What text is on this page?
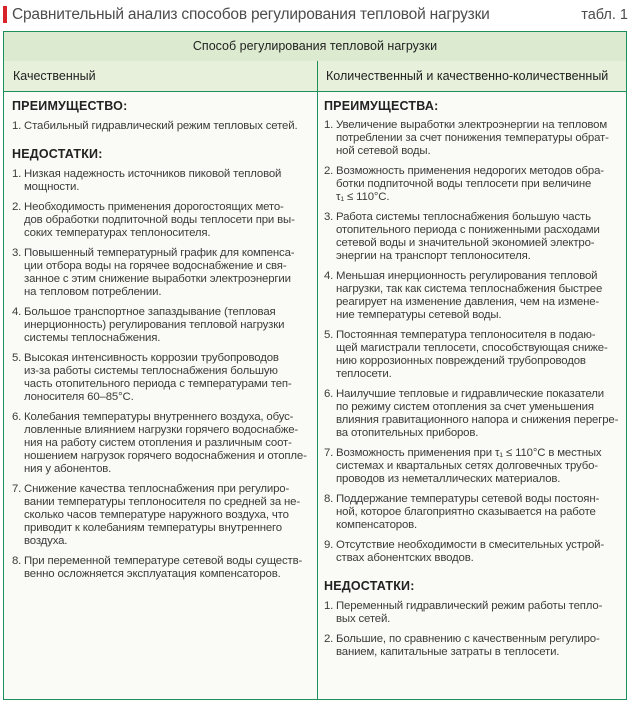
Сравнительный анализ способов регулирования тепловой нагрузки	табл. 1
Способ регулирования тепловой нагрузки
Качественный	Количественный и качественно-количественный
ПРЕИМУЩЕСТВО:
1. Стабильный гидравлический режим тепловых сетей.
НЕДОСТАТКИ:
1. Низкая надежность источников пиковой тепловой
мощности.
2. Необходимость применения дорогостоящих мето-
дов обработки подпиточной воды теплосети при вы-
соких температурах теплоносителя.
3. Повышенный температурный график для компенса-
ции отбора воды на горячее водоснабжение и свя-
занное с этим снижение выработки электроэнергии
на тепловом потреблении.
4. Большое транспортное запаздывание (тепловая
инерционность) регулирования тепловой нагрузки
системы теплоснабжения.
5. Высокая интенсивность коррозии трубопроводов
из-за работы системы теплоснабжения большую
часть отопительного периода с температурами теп-
лоносителя 60–85°С.
6. Колебания температуры внутреннего воздуха, обус-
ловленные влиянием нагрузки горячего водоснабже-
ния на работу систем отопления и различным соот-
ношением нагрузок горячего водоснабжения и отопле-
ния у абонентов.
7. Снижение качества теплоснабжения при регулиро-
вании температуры теплоносителя по средней за не-
сколько часов температуре наружного воздуха, что
приводит к колебаниям температуры внутреннего
воздуха.
8. При переменной температуре сетевой воды существ-
венно осложняется эксплуатация компенсаторов.
ПРЕИМУЩЕСТВА:
1. Увеличение выработки электроэнергии на тепловом
потреблении за счет понижения температуры обрат-
ной сетевой воды.
2. Возможность применения недорогих методов обра-
ботки подпиточной воды теплосети при величине
τ₁ ≤ 110°С.
3. Работа системы теплоснабжения большую часть
отопительного периода с пониженными расходами
сетевой воды и значительной экономией электро-
энергии на транспорт теплоносителя.
4. Меньшая инерционность регулирования тепловой
нагрузки, так как система теплоснабжения быстрее
реагирует на изменение давления, чем на измене-
ние температуры сетевой воды.
5. Постоянная температура теплоносителя в подаю-
щей магистрали теплосети, способствующая сниже-
нию коррозионных повреждений трубопроводов
теплосети.
6. Наилучшие тепловые и гидравлические показатели
по режиму систем отопления за счет уменьшения
влияния гравитационного напора и снижения перегре-
ва отопительных приборов.
7. Возможность применения при τ₁ ≤ 110°С в местных
системах и квартальных сетях долговечных трубо-
проводов из неметаллических материалов.
8. Поддержание температуры сетевой воды постоян-
ной, которое благоприятно сказывается на работе
компенсаторов.
9. Отсутствие необходимости в смесительных устрой-
ствах абонентских вводов.
НЕДОСТАТКИ:
1. Переменный гидравлический режим работы тепло-
вых сетей.
2. Большие, по сравнению с качественным регулиро-
ванием, капитальные затраты в теплосети.
